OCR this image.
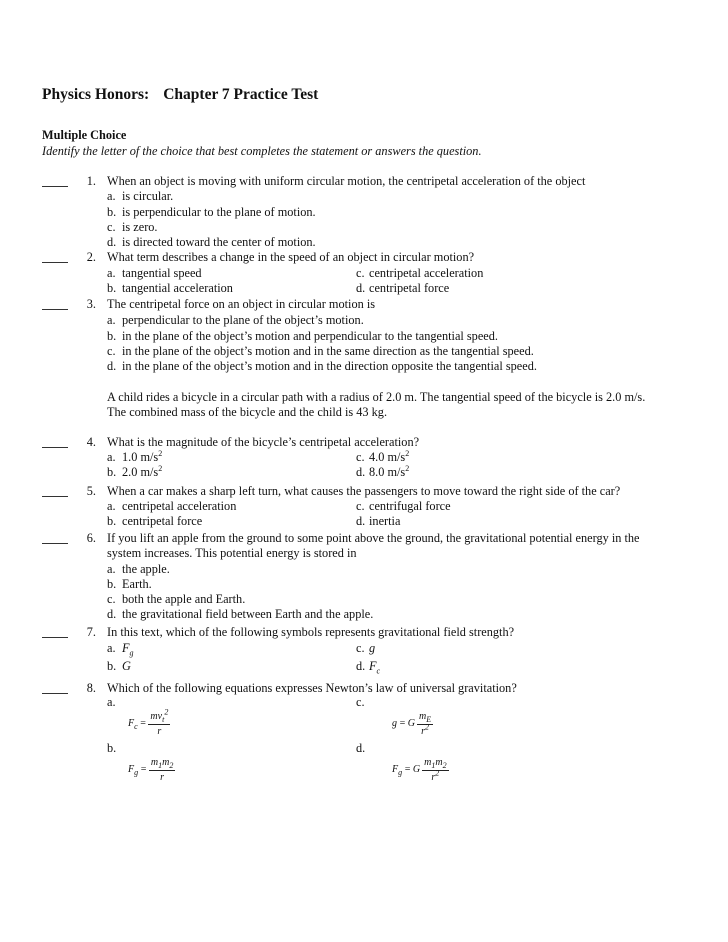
Physics Honors: Chapter 7 Practice Test
Multiple Choice
Identify the letter of the choice that best completes the statement or answers the question.
1. When an object is moving with uniform circular motion, the centripetal acceleration of the object
a. is circular.
b. is perpendicular to the plane of motion.
c. is zero.
d. is directed toward the center of motion.
2. What term describes a change in the speed of an object in circular motion?
a. tangential speed
b. tangential acceleration
c. centripetal acceleration
d. centripetal force
3. The centripetal force on an object in circular motion is
a. perpendicular to the plane of the object’s motion.
b. in the plane of the object’s motion and perpendicular to the tangential speed.
c. in the plane of the object’s motion and in the same direction as the tangential speed.
d. in the plane of the object’s motion and in the direction opposite the tangential speed.
4. What is the magnitude of the bicycle’s centripetal acceleration?
a. 1.0 $m/s^2$
b. 2.0 $m/s^2$
c. 4.0 $m/s^2$
d. 8.0 $m/s^2$
5. When a car makes a sharp left turn, what causes the passengers to move toward the right side of the car?
a. centripetal acceleration
b. centripetal force
c. centrifugal force
d. inertia
6. If you lift an apple from the ground to some point above the ground, the gravitational potential energy in the
system increases. This potential energy is stored in
a. the apple.
b. Earth.
c. both the apple and Earth.
d. the gravitational field between Earth and the apple.
7. In this text, which of the following symbols represents gravitational field strength?
a. $F_g$
b. G
c. g
d. $F_c$
8. Which of the following equations expresses Newton’s law of universal gravitation?
a.
$F_c = \frac{mv_t^2}{r}$
b.
$F_g = \frac{m_1m_2}{r}$
c.
g = G $\frac{m_E}{r^2}$
d.
$F_g = G \frac{m_1m_2}{r^2}$
A child rides a bicycle in a circular path with a radius of 2.0 m. The tangential speed of the bicycle is 2.0 m/s.
The combined mass of the bicycle and the child is 43 kg.
